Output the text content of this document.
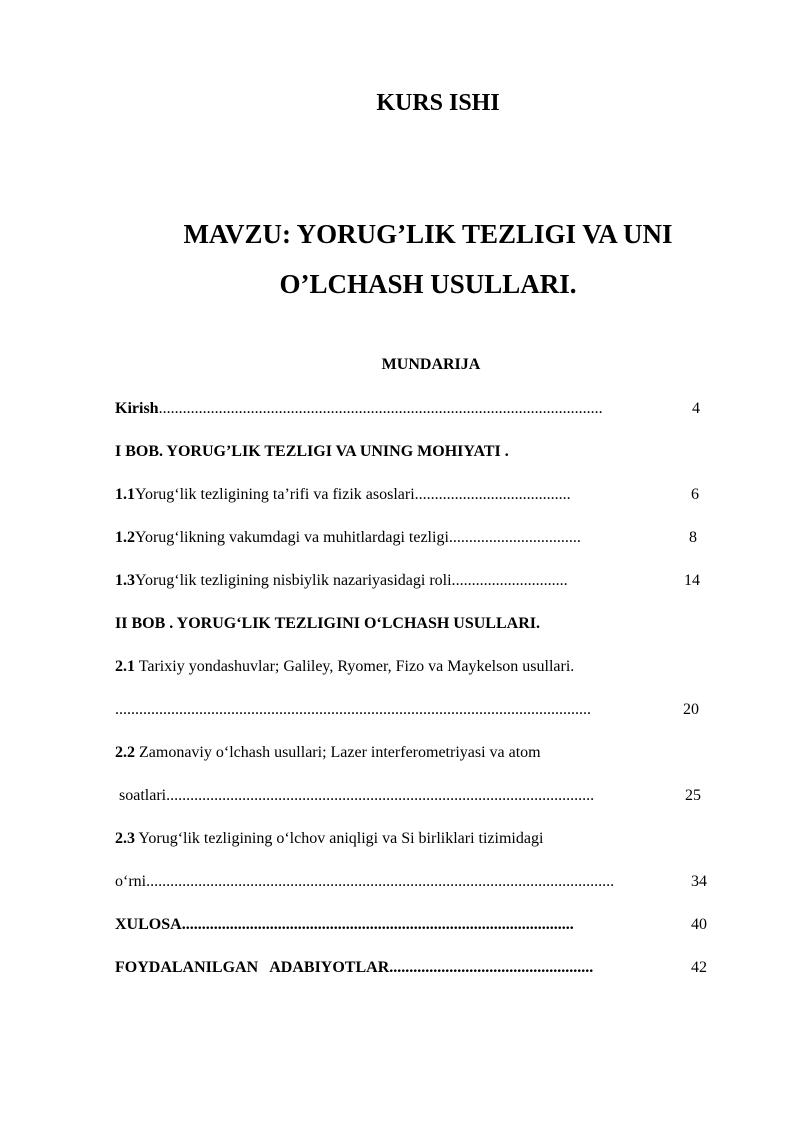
KURS ISHI
MAVZU: YORUG’LIK TEZLIGI VA UNI
O’LCHASH USULLARI.
MUNDARIJA
Kirish ...............................................................................................................	4
I BOB. YORUG’LIK TEZLIGI VA UNING MOHIYATI .
1.1 Yorug‘lik tezligining ta’rifi va fizik asoslari .......................................	6
1.2 Yorug‘likning vakumdagi va muhitlardagi tezligi. ................................	8
1.3 Yorug‘lik tezligining nisbiylik nazariyasidagi roli. ............................	14
II BOB . YORUG‘LIK TEZLIGINI O‘LCHASH USULLARI.
2.1 Tarixiy yondashuvlar; Galiley, Ryomer, Fizo va Maykelson usullari.
.......................................................................................................................	20
2.2 Zamonaviy o‘lchash usullari; Lazer interferometriyasi va atom
soatlari ...........................................................................................................	25
2.3 Yorug‘lik tezligining o‘lchov aniqligi va Si birliklari tizimidagi
o‘rni .....................................................................................................................	34
XULOSA ..................................................................................................	40
FOYDALANILGAN   ADABIYOTLAR ...................................................	42
